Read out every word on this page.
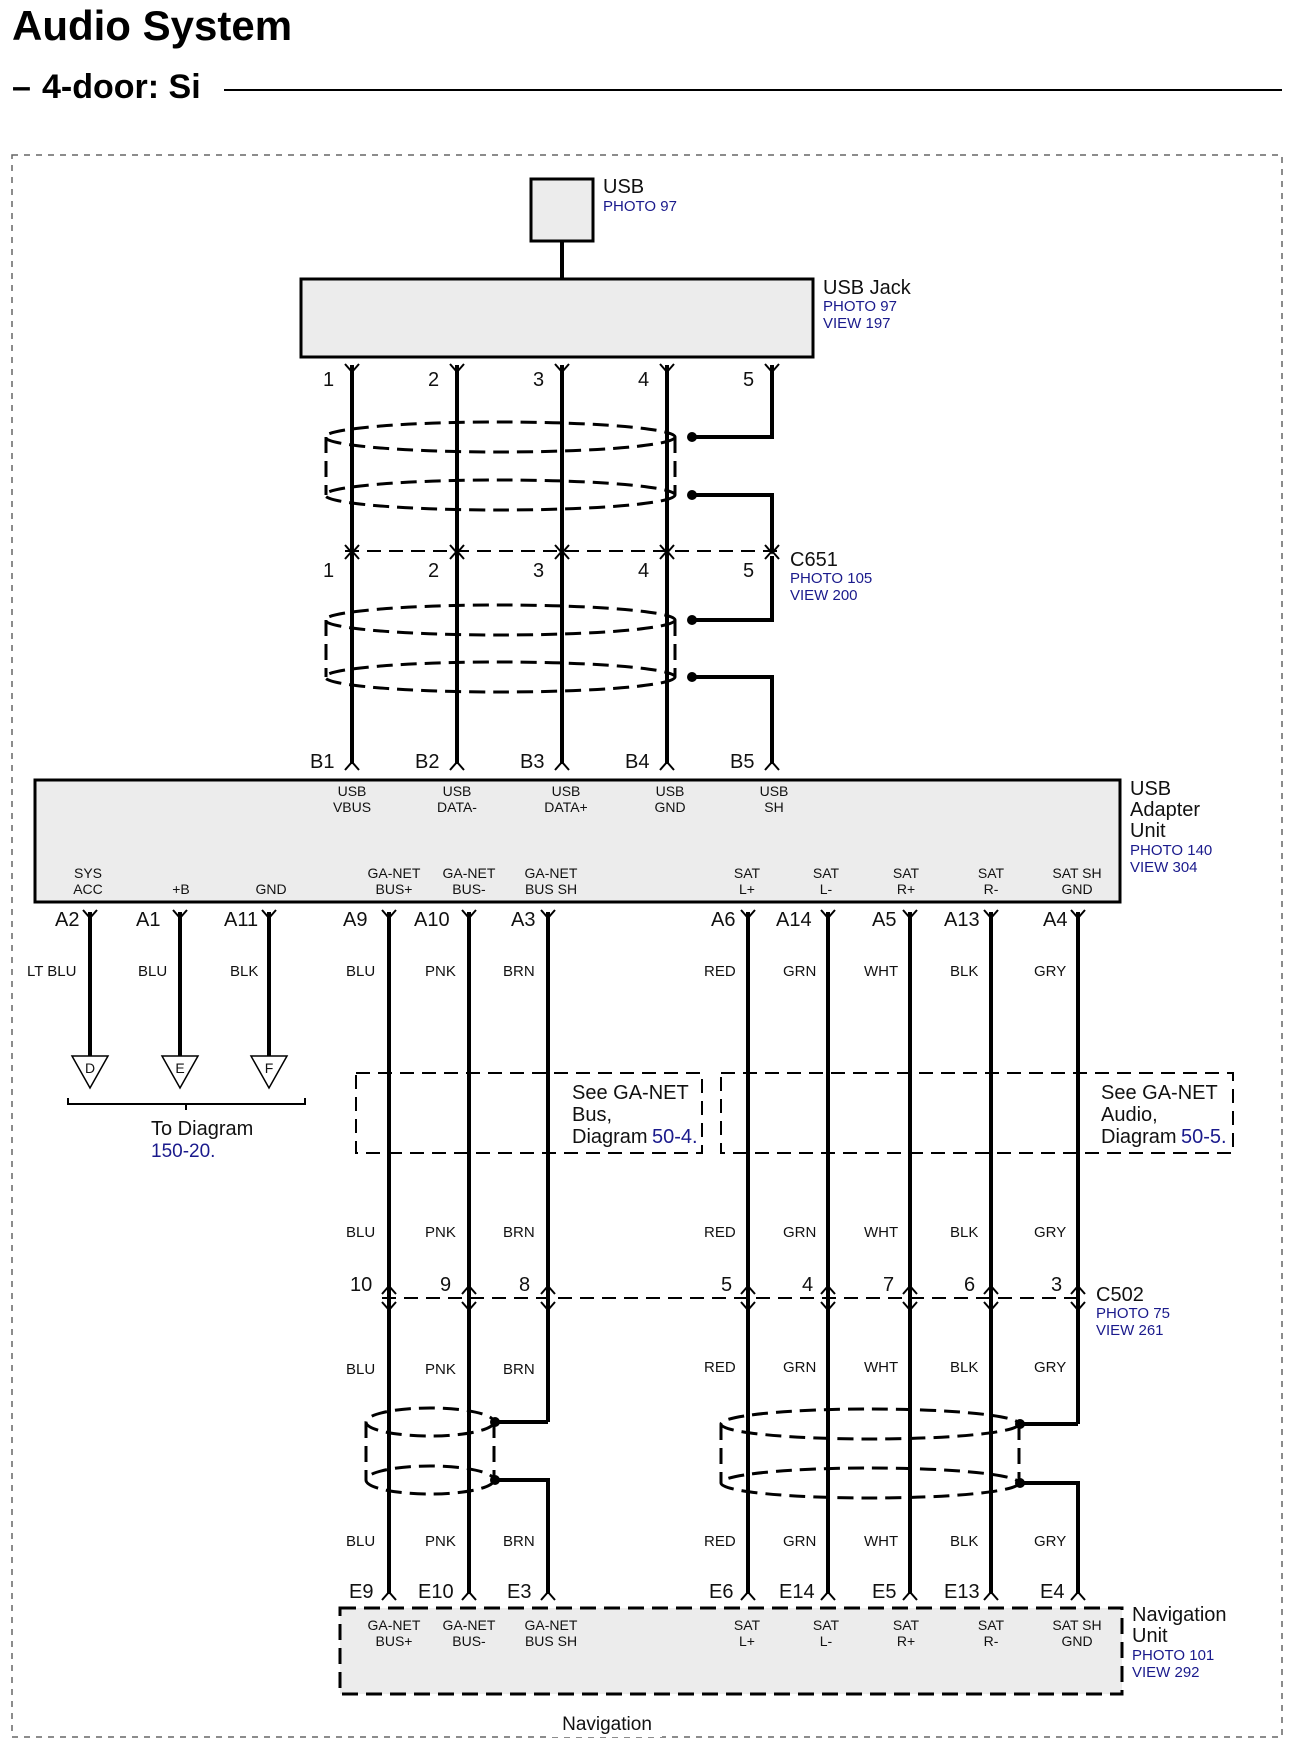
Audio System
– 4-door: Si
USB
PHOTO 97
USB Jack
PHOTO 97
VIEW 197
1	2	3	4	5
1	2	3	4	5 C651
PHOTO 105
VIEW 200
B1	B2	B3	B4	B5
USB
Adapter
Unit
PHOTO 140
VIEW 304
USB
VBUS
USB
DATA-
USB
DATA+
USB
GND
USB
SH
SYS
ACC	+B	GND
GA-NET
BUS+
GA-NET
BUS-
GA-NET
BUS SH
SAT
L+
SAT
L-
SAT
R+
SAT
R-
SAT SH
GND
A2	A1	A11	A9 A10	A3	A6 A14	A5 A13	A4
D	E	F
To Diagram
150-20.
LT BLU	BLU	BLK	BLU	PNK	BRN	RED	GRN	WHT	BLK	GRY
See GA-NET
Bus,
Diagram 50-4.
See GA-NET
Audio,
Diagram 50-5.
BLU	PNK	BRN	RED	GRN	WHT	BLK	GRY
10	9	8	5	4	7	6	3 C502
PHOTO 75
VIEW 261
BLU	PNK	BRN	RED	GRN	WHT	BLK	GRY
BLU	PNK	BRN	RED	GRN	WHT	BLK	GRY
E9 E10	E3	E6 E14	E5 E13	E4
Navigation
Unit
PHOTO 101
VIEW 292
GA-NET
BUS+
GA-NET
BUS-
GA-NET
BUS SH
SAT
L+
SAT
L-
SAT
R+
SAT
R-
SAT SH
GND
Navigation
